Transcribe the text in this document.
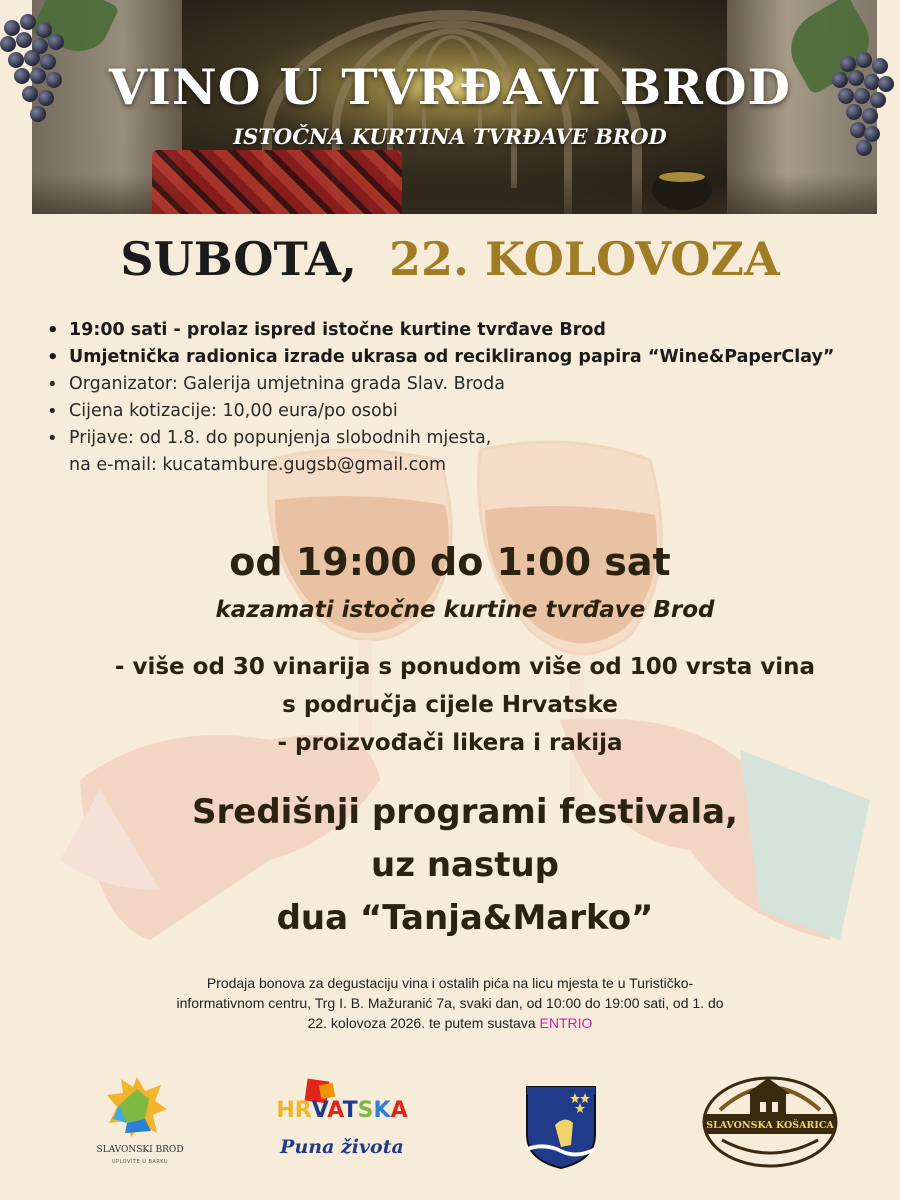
VINO U TVRĐAVI BROD
ISTOČNA KURTINA TVRĐAVE BROD
SUBOTA, 22. KOLOVOZA
• 19:00 sati - prolaz ispred istočne kurtine tvrđave Brod
• Umjetnička radionica izrade ukrasa od recikliranog papira “Wine&PaperClay”
• Organizator: Galerija umjetnina grada Slav. Broda
• Cijena kotizacije: 10,00 eura/po osobi
• Prijave: od 1.8. do popunjenja slobodnih mjesta,
na e-mail: kucatambure.gugsb@gmail.com
od 19:00 do 1:00 sat
kazamati istočne kurtine tvrđave Brod
- više od 30 vinarija s ponudom više od 100 vrsta vina
s područja cijele Hrvatske
- proizvođači likera i rakija
Središnji programi festivala,
uz nastup
dua “Tanja&Marko”
Prodaja bonova za degustaciju vina i ostalih pića na licu mjesta te u Turističko-
informativnom centru, Trg I. B. Mažuranić 7a, svaki dan, od 10:00 do 19:00 sati, od 1. do
22. kolovoza 2026. te putem sustava ENTRIO
SLAVONSKI BROD
UPLOVITE U BARKU
HRVATSKA
Puna života
SLAVONSKA KOŠARICA
